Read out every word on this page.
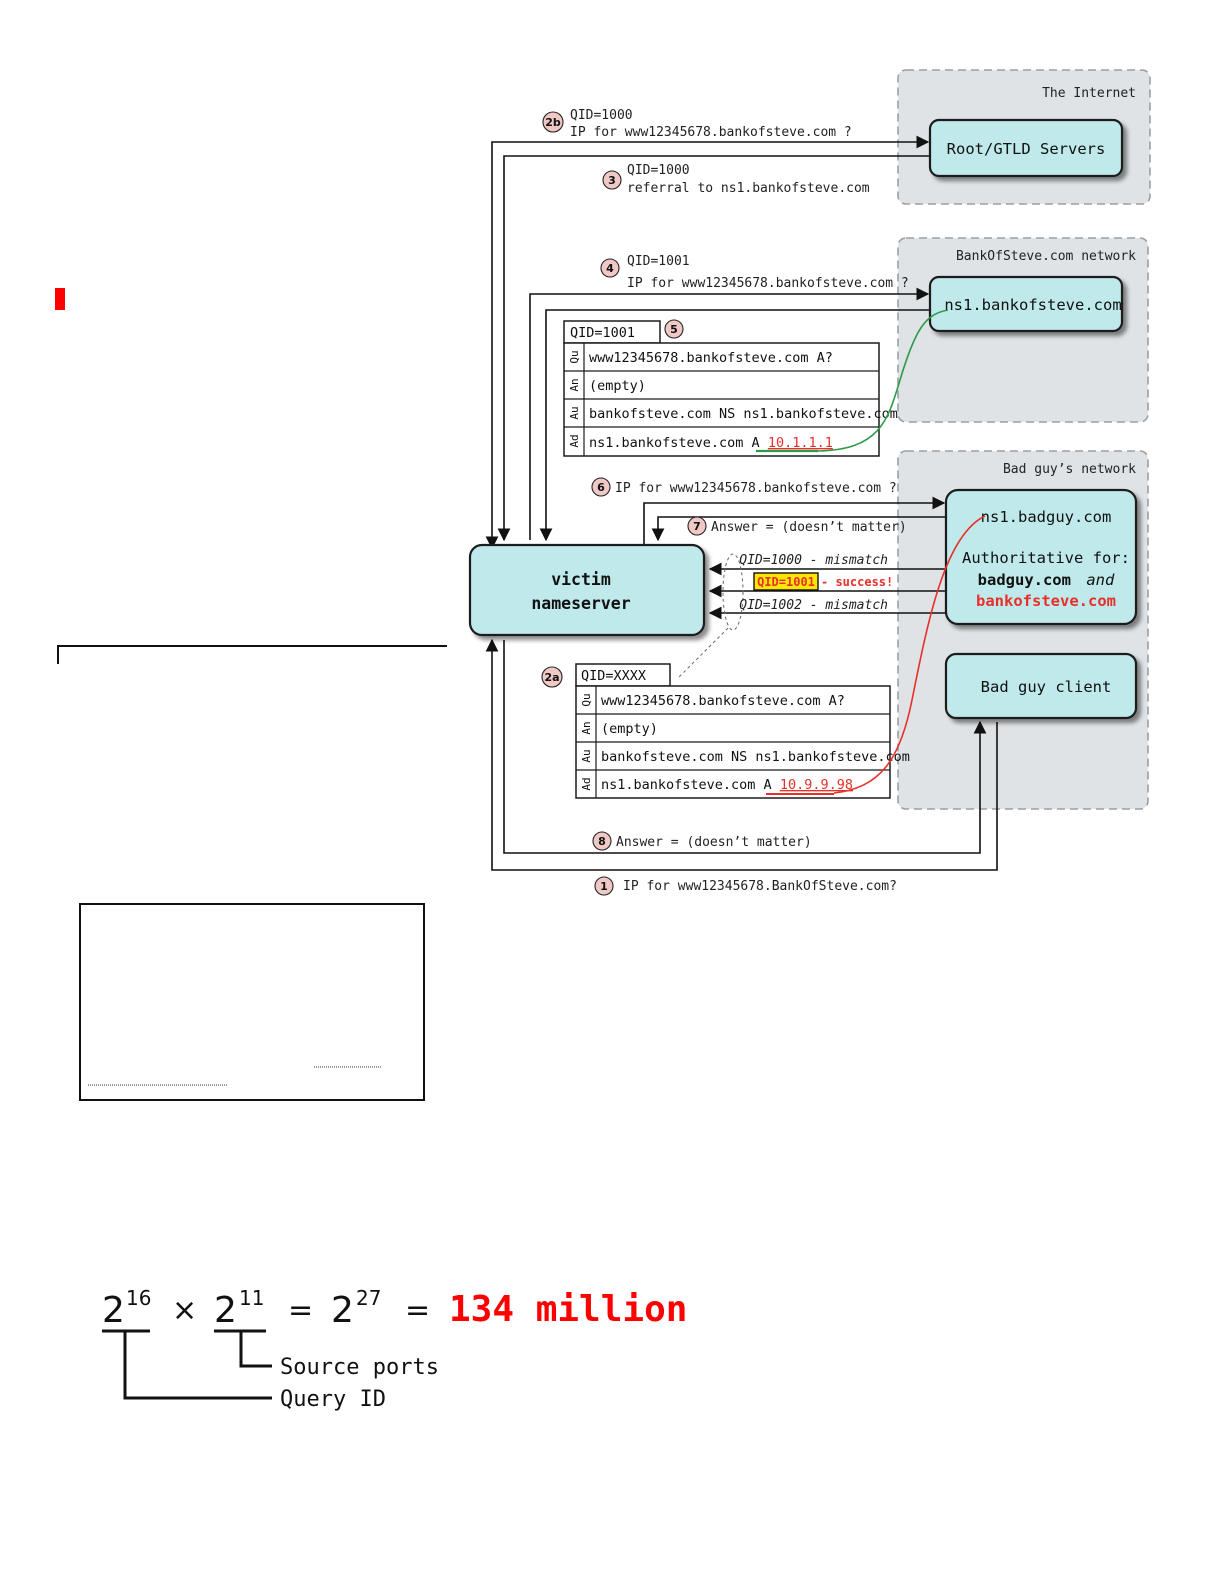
The Internet
BankOfSteve.com network
Bad guy’s network
Root/GTLD Servers
ns1.bankofsteve.com
victim
nameserver
ns1.badguy.com
Authoritative for:
badguy.com and
bankofsteve.com
Bad guy client
2b QID=1000
IP for www12345678.bankofsteve.com ?
3
QID=1000
referral to ns1.bankofsteve.com
4 QID=1001
IP for www12345678.bankofsteve.com ?
5
6 IP for www12345678.bankofsteve.com ?
7 Answer = (doesn’t matter)
2a
8 Answer = (doesn’t matter)
1 IP for www12345678.BankOfSteve.com?
QID=1000 - mismatch
QID=1001 - success!
QID=1002 - mismatch
QID=1001
Qu
An
Au
Ad
www12345678.bankofsteve.com A?
(empty)
bankofsteve.com NS ns1.bankofsteve.com
ns1.bankofsteve.com A 10.1.1.1
QID=XXXX
Qu
An
Au
Ad
www12345678.bankofsteve.com A?
(empty)
bankofsteve.com NS ns1.bankofsteve.com
ns1.bankofsteve.com A 10.9.9.98
2 16 × 2 11 = 2 27 = 134 million
Source ports
Query ID
